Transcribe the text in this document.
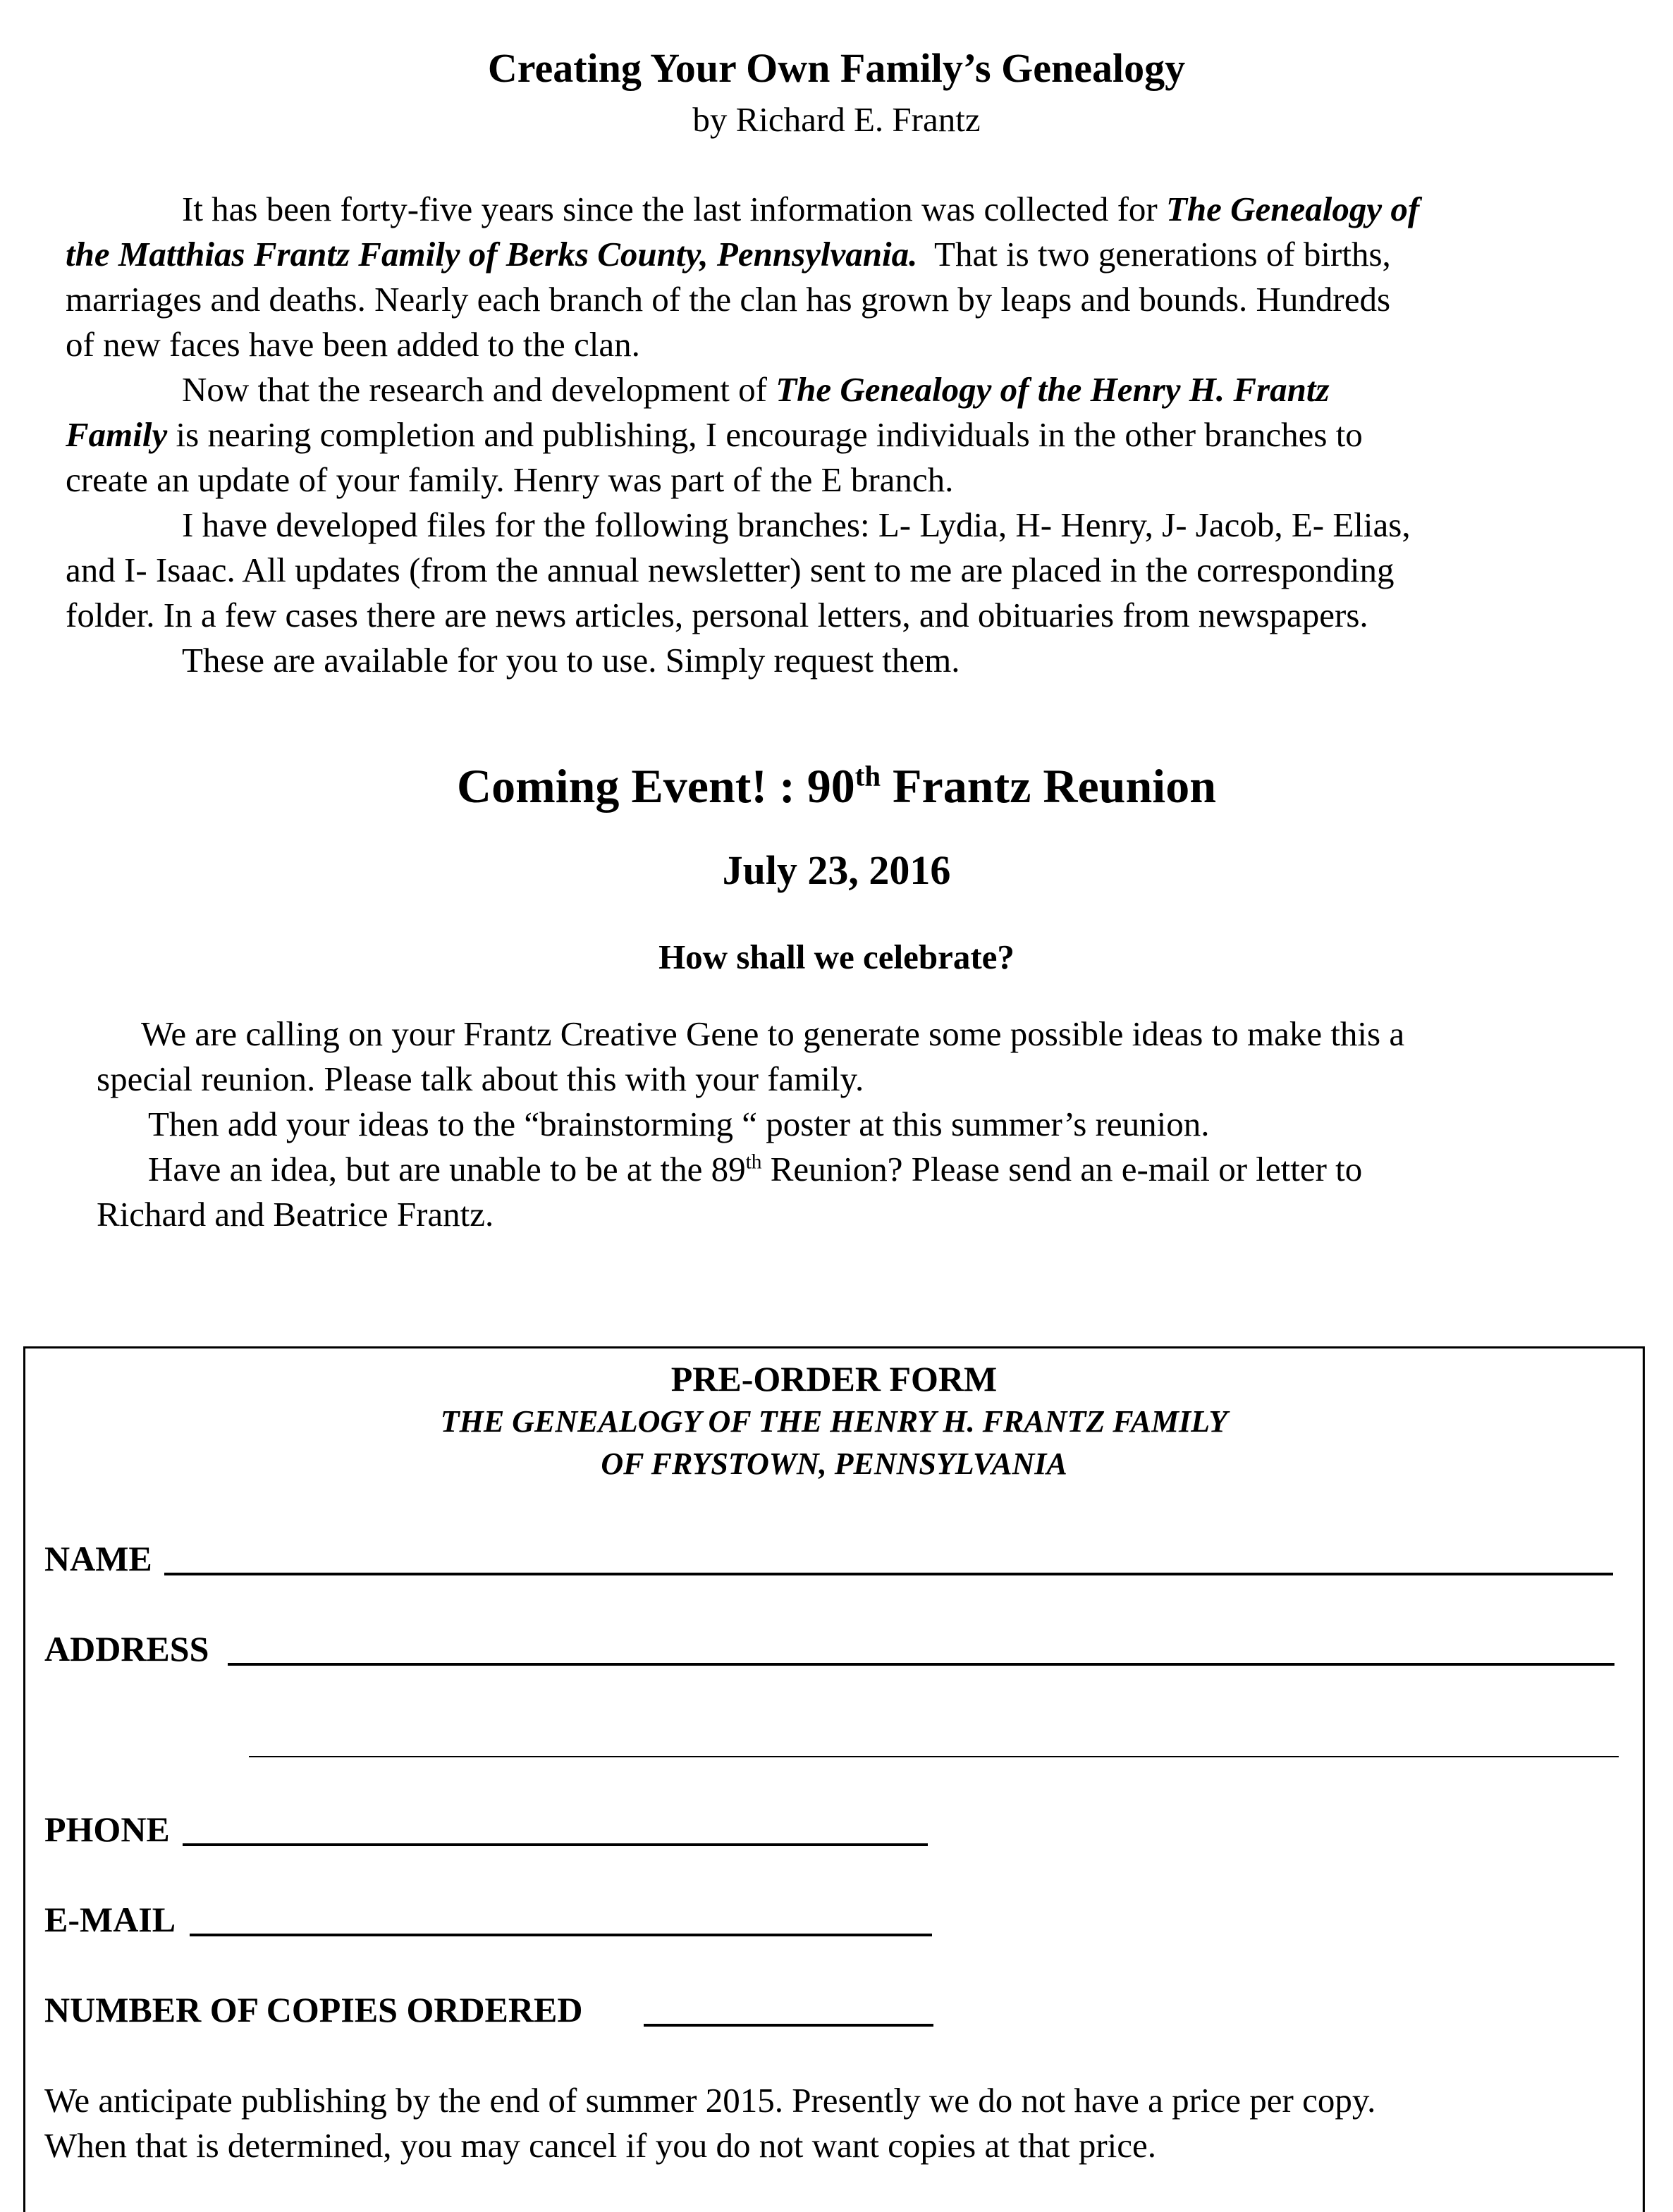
Creating Your Own Family’s Genealogy
by Richard E. Frantz
It has been forty-five years since the last information was collected for The Genealogy of
the Matthias Frantz Family of Berks County, Pennsylvania.  That is two generations of births,
marriages and deaths. Nearly each branch of the clan has grown by leaps and bounds. Hundreds
of new faces have been added to the clan.
Now that the research and development of The Genealogy of the Henry H. Frantz
Family is nearing completion and publishing, I encourage individuals in the other branches to
create an update of your family. Henry was part of the E branch.
I have developed files for the following branches: L- Lydia, H- Henry, J- Jacob, E- Elias,
and I- Isaac. All updates (from the annual newsletter) sent to me are placed in the corresponding
folder. In a few cases there are news articles, personal letters, and obituaries from newspapers.
These are available for you to use. Simply request them.
Coming Event! : 90th Frantz Reunion
July 23, 2016
How shall we celebrate?
We are calling on your Frantz Creative Gene to generate some possible ideas to make this a
special reunion. Please talk about this with your family.
Then add your ideas to the “brainstorming “ poster at this summer’s reunion.
Have an idea, but are unable to be at the 89th Reunion? Please send an e-mail or letter to
Richard and Beatrice Frantz.
PRE-ORDER FORM
THE GENEALOGY OF THE HENRY H. FRANTZ FAMILY
OF FRYSTOWN, PENNSYLVANIA
NAME
ADDRESS
PHONE
E-MAIL
NUMBER OF COPIES ORDERED
We anticipate publishing by the end of summer 2015. Presently we do not have a price per copy.
When that is determined, you may cancel if you do not want copies at that price.
